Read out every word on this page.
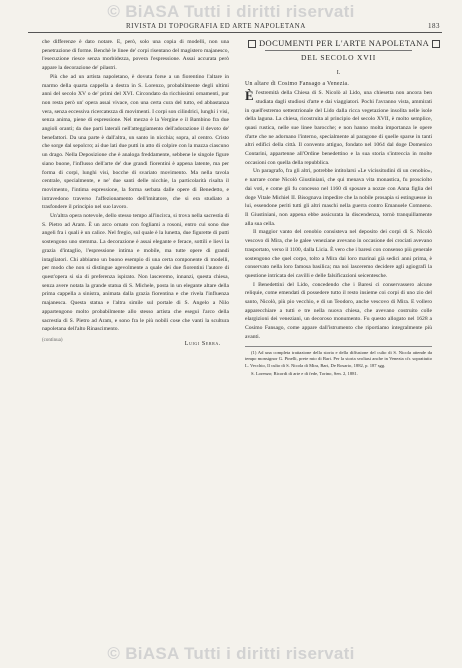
© BiASA Tutti i diritti riservati
RIVISTA DI TOPOGRAFIA ED ARTE NAPOLETANA	183

che differenze è dato notare. E, però, solo una copia di modelli, non una penetrazione di forme. Benchè le linee de' corpi risentano del magistero majanesco, l'esecuzione riesce senza morbidezza, povera l'espressione. Assai accurata però appare la decorazione de' pilastri.

Più che ad un artista napoletano, è dovuta forse a un fiorentino l'altare in marmo della quarta cappella a destra in S. Lorenzo, probabilmente degli ultimi anni del secolo XV o de' primi del XVI. Circondato da ricchissimi ornamenti, pur non resta però un' opera assai vivace, con una certa cura del tutto, ed abbastanza vera, senza eccessiva ricercatezza di movimenti. I corpi son cilindrici, lunghi i visi, senza anima, piene di espressione. Nel mezzo è la Vergine e il Bambino fra due angioli oranti; da due parti laterali nell'atteggiamento dell'adorazione il devoto de' benefattori. Da una parte è dall'altra, un santo in nicchia; sopra, al centro. Cristo che sorge dal sepolcro; ai due lati due putti in atto di colpire con la mazza ciascuno un drago. Nella Deposizione che è analoga freddamente, sebbene le singole figure siano buone, l'influsso dell'arte de' due grandi fiorentini è appena latente, ma per forma di corpi, lunghi visi, bocche di svariato movimento. Ma nella tavola centrale, specialmente, e ne' due santi delle nicchie, la particolarità risalta il movimento, l'intima espressione, la forma serbata dalle opere di Benedetto, e intravedono traverso l'affezionamento dell'imitatore, che si era studiato a trasfondere il principio nel suo lavoro.

Un'altra opera notevole, dello stesso tempo all'incirca, si trova nella sacrestia di S. Pietro ad Aram. È un arco ornato con fogliami a rosoni, entro cui sono due angeli fra i quali è un calice. Nel fregio, sul quale è la lunetta, due figurette di putti sostengono uno stemma. La decorazione è assai elegante e ferace, sottili e lievi la grazia d'intaglio, l'espressione intima e mobile, ma tutte opere di grandi intagliatori. Chi abbiamo un buono esempio di una certa componente di modelli, per modo che non si distingue agevolmente a quale dei due fiorentini l'autore di quest'opera si sia di preferenza ispirato. Non lasceremo, innanzi, questa chiesa, senza avere notata la grande statua di S. Michele, posta in un elegante altare della prima cappella a sinistra, animata dalla grazia fiorentina e che rivela l'influenza majanesca. Questa statua e l'altra simile sul portale di S. Angelo a Nilo appartengono molto probabilmente allo stesso artista che eseguì l'arco della sacrestia di S. Pietro ad Aram, e sono fra le più nobili cose che vanti la scultura napoletana dell'alto Rinascimento.

(continua)
Luigi Serra.
DOCUMENTI PER L'ARTE NAPOLETANA
DEL SECOLO XVII
I.

Un altare di Cosimo Fansago a Venezia.

Èl'estremità della Chiesa di S. Nicolò al Lido, una chiesetta non ancora ben studiata dagli studiosi d'arte e dai viaggiatori. Pochi l'avranno vista, ammirati in quell'estremo settentrionale del Lido dalla ricca vegetazione insolita nelle isole della laguna. La chiesa, ricostruita al principio del secolo XVII, è molto semplice, quasi rustica, nelle sue linee barocche; e non hanno molta importanza le opere d'arte che ne adornano l'interno, specialmente al paragone di quelle sparse in tanti altri edifici della città. Il convento attiguo, fondato nel 1064 dal doge Domenico Contarini, appartenne all'Ordine benedettino e la sua storia s'intreccia in molte occasioni con quella della repubblica.

Un paragrafo, fra gli altri, potrebbe intitolarsi «Le vicissitudini di un cenobio», e narrare come Nicolò Giustiniani, che qui menava vita monastica, fu prosciolto dai voti, e come gli fu concesso nel 1160 di sposare a nozze con Anna figlia del doge Vitale Michiel II. Bisognava impedire che la nobile prosapia si estinguesse in lui, essendone periti tutti gli altri maschi nella guerra contro Emanuele Comneno. Il Giustiniani, non appena ebbe assicurata la discendenza, tornò tranquillamente alla sua cella.

Il maggior vanto del cenobio consisteva nel deposito dei corpi di S. Nicolò vescovo di Mira, che le galee veneziane avevano in occasione dei crociati avevano trasportato, verso il 1100, dalla Licia. È vero che i baresi con consenso più generale sostengono che quel corpo, tolto a Mira dai loro marinai già sedici anni prima, è conservato nella loro famosa basilica; ma noi lasceremo decidere agli agiografi la questione intricata dei cavilli e delle falsificazioni seicentesche.

I Benedettini del Lido, concedendo che i Baresi ci conservassero alcune reliquie, come emendati di possedere tutto il resto insieme coi corpi di uno zio del santo, Nicolò, più pio vecchio, e di un Teodoro, anche vescovo di Mira. E vollero apparecchiare a tutti e tre nella nuova chiesa, che avevano costruito colle elargizioni dei veneziani, un decoroso monumento. Fu questo allogato nel 1628 a Cosimo Fansago, come appare dall'istrumento che riportiamo integralmente più avanti.

(1) Ad una completa trattazione della storia e della diffusione del culto di S. Nicola attende da tempo monsignor G. Pinelli, prete mio di Bari. Per la storia svoltasi anche in Venezia cfr. soprattutto L. Vecchio, Il culto di S. Nicola di Mira, Bari, De Rosario, 1882, p. 187 sgg.

S. Lorenzo; Ricordi di arte e di fede, Torino, Sen. 2, 1881.

© BiASA Tutti i diritti riservati
